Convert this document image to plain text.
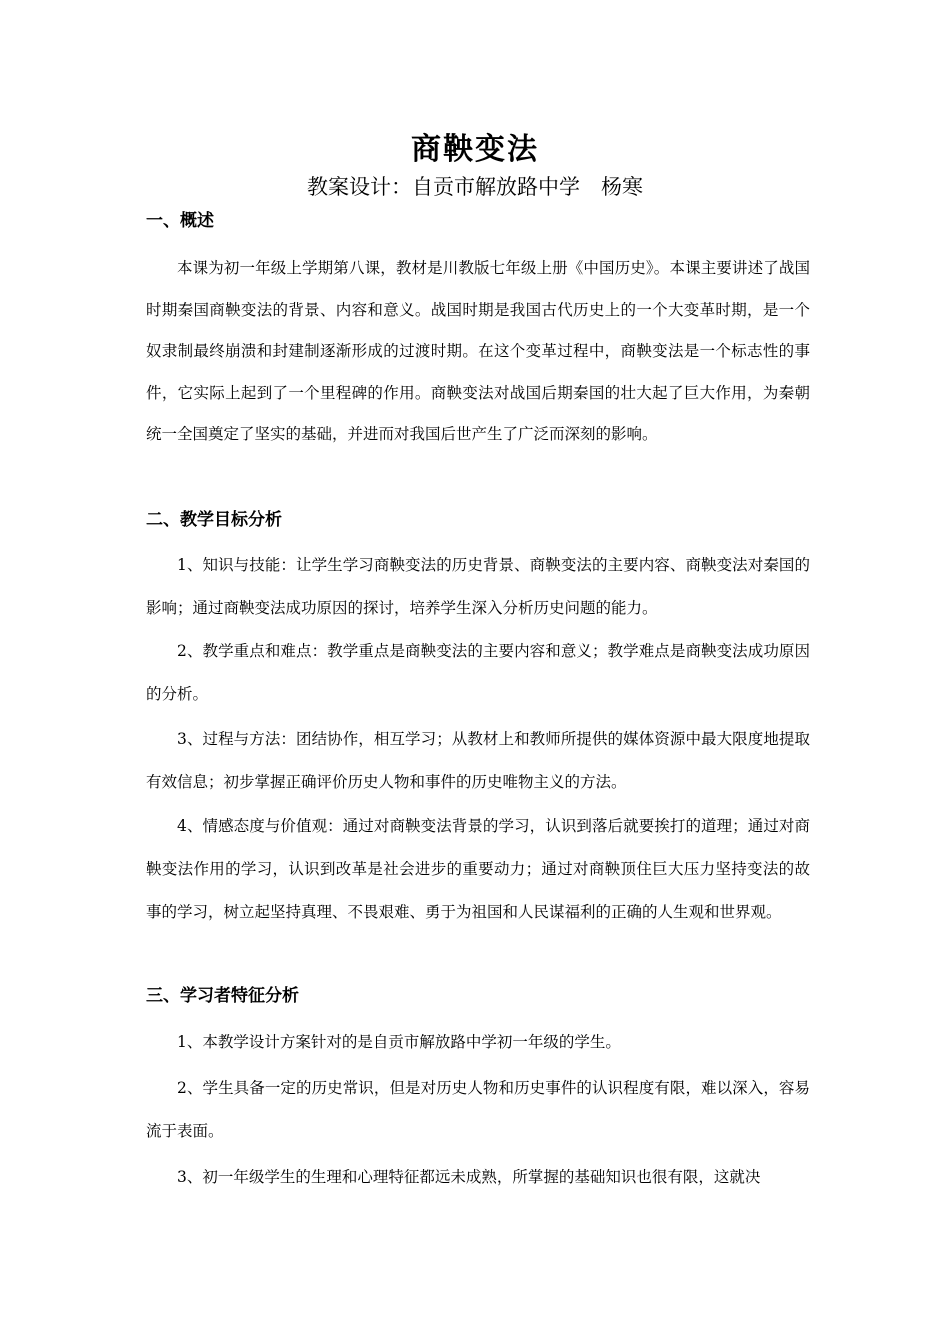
商鞅变法
教案设计：自贡市解放路中学　杨寒
一、概述

本课为初一年级上学期第八课，教材是川教版七年级上册《中国历史》。本课主要讲述了战国时期秦国商鞅变法的背景、内容和意义。战国时期是我国古代历史上的一个大变革时期，是一个奴隶制最终崩溃和封建制逐渐形成的过渡时期。在这个变革过程中，商鞅变法是一个标志性的事件，它实际上起到了一个里程碑的作用。商鞅变法对战国后期秦国的壮大起了巨大作用，为秦朝统一全国奠定了坚实的基础，并进而对我国后世产生了广泛而深刻的影响。

二、教学目标分析

1、知识与技能：让学生学习商鞅变法的历史背景、商鞅变法的主要内容、商鞅变法对秦国的影响；通过商鞅变法成功原因的探讨，培养学生深入分析历史问题的能力。

2、教学重点和难点：教学重点是商鞅变法的主要内容和意义；教学难点是商鞅变法成功原因的分析。

3、过程与方法：团结协作，相互学习；从教材上和教师所提供的媒体资源中最大限度地提取有效信息；初步掌握正确评价历史人物和事件的历史唯物主义的方法。

4、情感态度与价值观：通过对商鞅变法背景的学习，认识到落后就要挨打的道理；通过对商鞅变法作用的学习，认识到改革是社会进步的重要动力；通过对商鞅顶住巨大压力坚持变法的故事的学习，树立起坚持真理、不畏艰难、勇于为祖国和人民谋福利的正确的人生观和世界观。

三、学习者特征分析

1、本教学设计方案针对的是自贡市解放路中学初一年级的学生。

2、学生具备一定的历史常识，但是对历史人物和历史事件的认识程度有限，难以深入，容易流于表面。

3、初一年级学生的生理和心理特征都远未成熟，所掌握的基础知识也很有限，这就决
